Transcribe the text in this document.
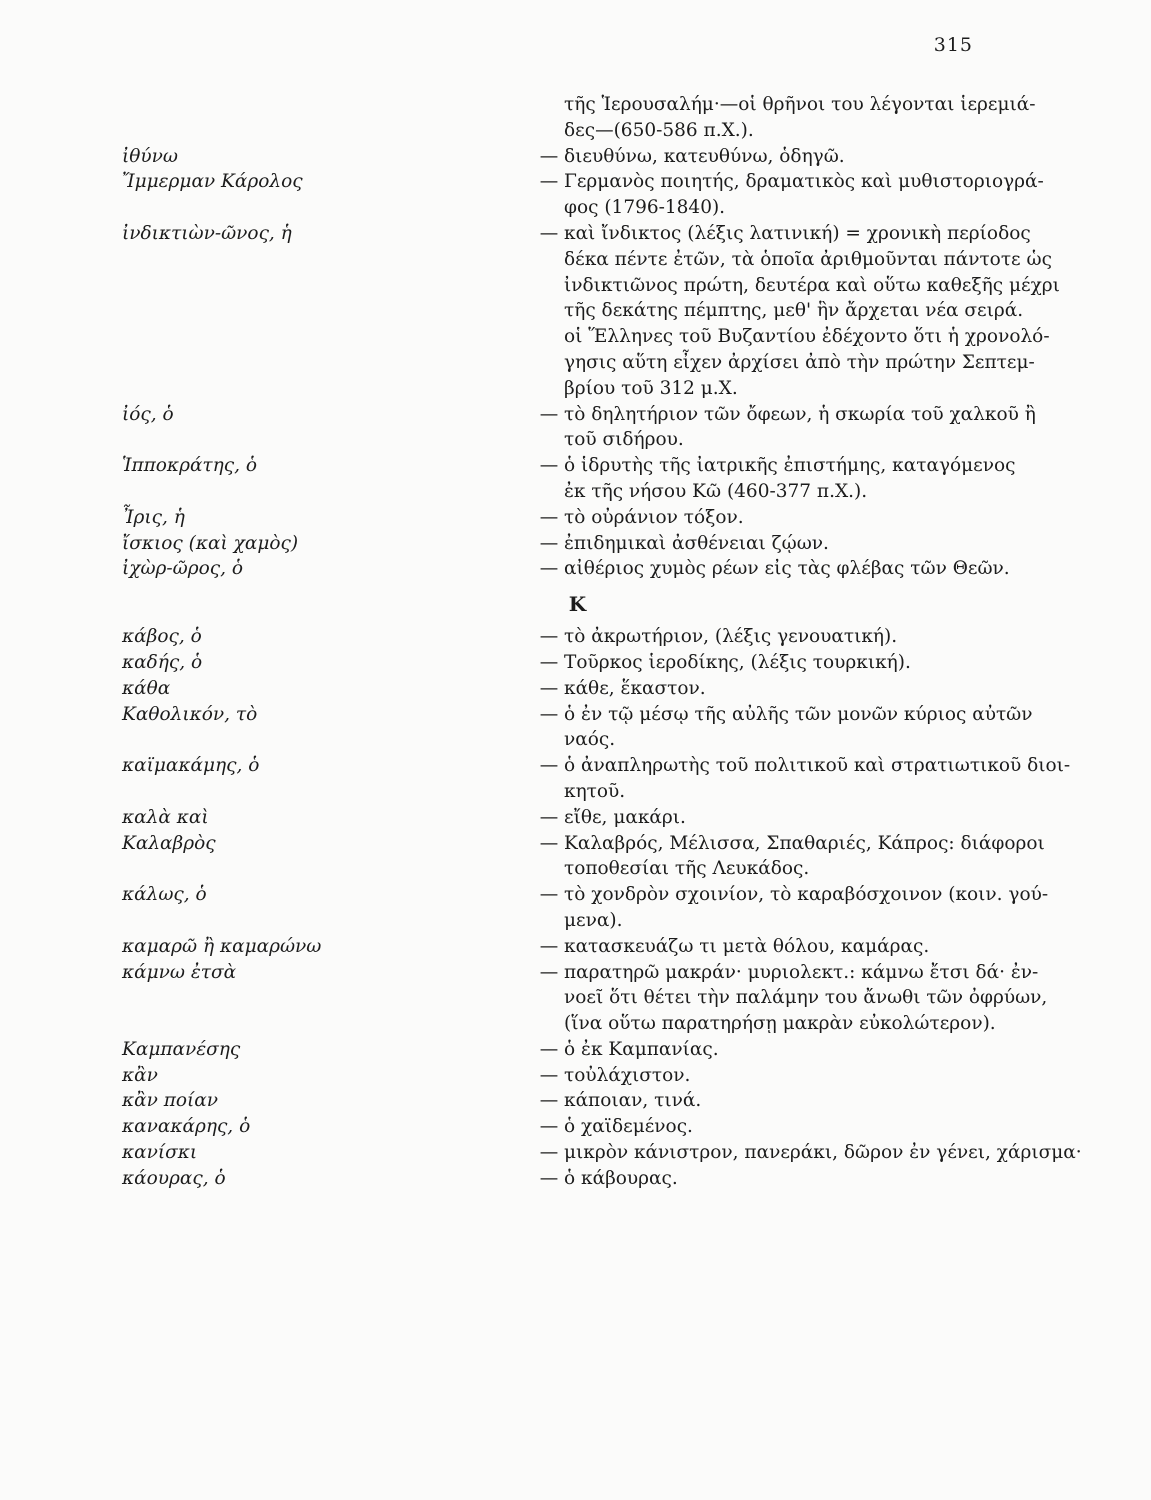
315
τῆς Ἱερουσαλήμ·—οἱ θρῆνοι του λέγονται ἱερεμιά-
δες—(650-586 π.Χ.).
ἰθύνω	— διευθύνω, κατευθύνω, ὁδηγῶ.
Ἴμμερμαν Κάρολος	— Γερμανὸς ποιητής, δραματικὸς καὶ μυθιστοριογρά-
φος (1796-1840).
ἰνδικτιὼν-ῶνος, ἡ	— καὶ ἴνδικτος (λέξις λατινική) = χρονικὴ περίοδος
δέκα πέντε ἐτῶν, τὰ ὁποῖα ἀριθμοῦνται πάντοτε ὡς
ἰνδικτιῶνος πρώτη, δευτέρα καὶ οὕτω καθεξῆς μέχρι
τῆς δεκάτης πέμπτης, μεθ' ἣν ἄρχεται νέα σειρά.
οἱ Ἕλληνες τοῦ Βυζαντίου ἐδέχοντο ὅτι ἡ χρονολό-
γησις αὕτη εἶχεν ἀρχίσει ἀπὸ τὴν πρώτην Σεπτεμ-
βρίου τοῦ 312 μ.Χ.
ἰός, ὁ	— τὸ δηλητήριον τῶν ὄφεων, ἡ σκωρία τοῦ χαλκοῦ ἢ
τοῦ σιδήρου.
Ἱπποκράτης, ὁ	— ὁ ἱδρυτὴς τῆς ἰατρικῆς ἐπιστήμης, καταγόμενος
ἐκ τῆς νήσου Κῶ (460-377 π.Χ.).
Ἶρις, ἡ	— τὸ οὐράνιον τόξον.
ἴσκιος (καὶ χαμὸς)	— ἐπιδημικαὶ ἀσθένειαι ζῴων.
ἰχὼρ-ῶρος, ὁ	— αἰθέριος χυμὸς ρέων εἰς τὰς φλέβας τῶν Θεῶν.
Κ
κάβος, ὁ	— τὸ ἀκρωτήριον, (λέξις γενουατική).
καδής, ὁ	— Τοῦρκος ἱεροδίκης, (λέξις τουρκική).
κάθα	— κάθε, ἕκαστον.
Καθολικόν, τὸ	— ὁ ἐν τῷ μέσῳ τῆς αὐλῆς τῶν μονῶν κύριος αὐτῶν
ναός.
καϊμακάμης, ὁ	— ὁ ἀναπληρωτὴς τοῦ πολιτικοῦ καὶ στρατιωτικοῦ διοι-
κητοῦ.
καλὰ καὶ	— εἴθε, μακάρι.
Καλαβρὸς	— Καλαβρός, Μέλισσα, Σπαθαριές, Κάπρος: διάφοροι
τοποθεσίαι τῆς Λευκάδος.
κάλως, ὁ	— τὸ χονδρὸν σχοινίον, τὸ καραβόσχοινον (κοιν. γού-
μενα).
καμαρῶ ἢ καμαρώνω	— κατασκευάζω τι μετὰ θόλου, καμάρας.
κάμνω ἐτσὰ	— παρατηρῶ μακράν· μυριολεκτ.: κάμνω ἔτσι δά· ἐν-
νοεῖ ὅτι θέτει τὴν παλάμην του ἄνωθι τῶν ὀφρύων,
(ἵνα οὕτω παρατηρήσῃ μακρὰν εὐκολώτερον).
Καμπανέσης	— ὁ ἐκ Καμπανίας.
κἂν	— τοὐλάχιστον.
κἂν ποίαν	— κάποιαν, τινά.
κανακάρης, ὁ	— ὁ χαϊδεμένος.
κανίσκι	— μικρὸν κάνιστρον, πανεράκι, δῶρον ἐν γένει, χάρισμα·
κάουρας, ὁ	— ὁ κάβουρας.
